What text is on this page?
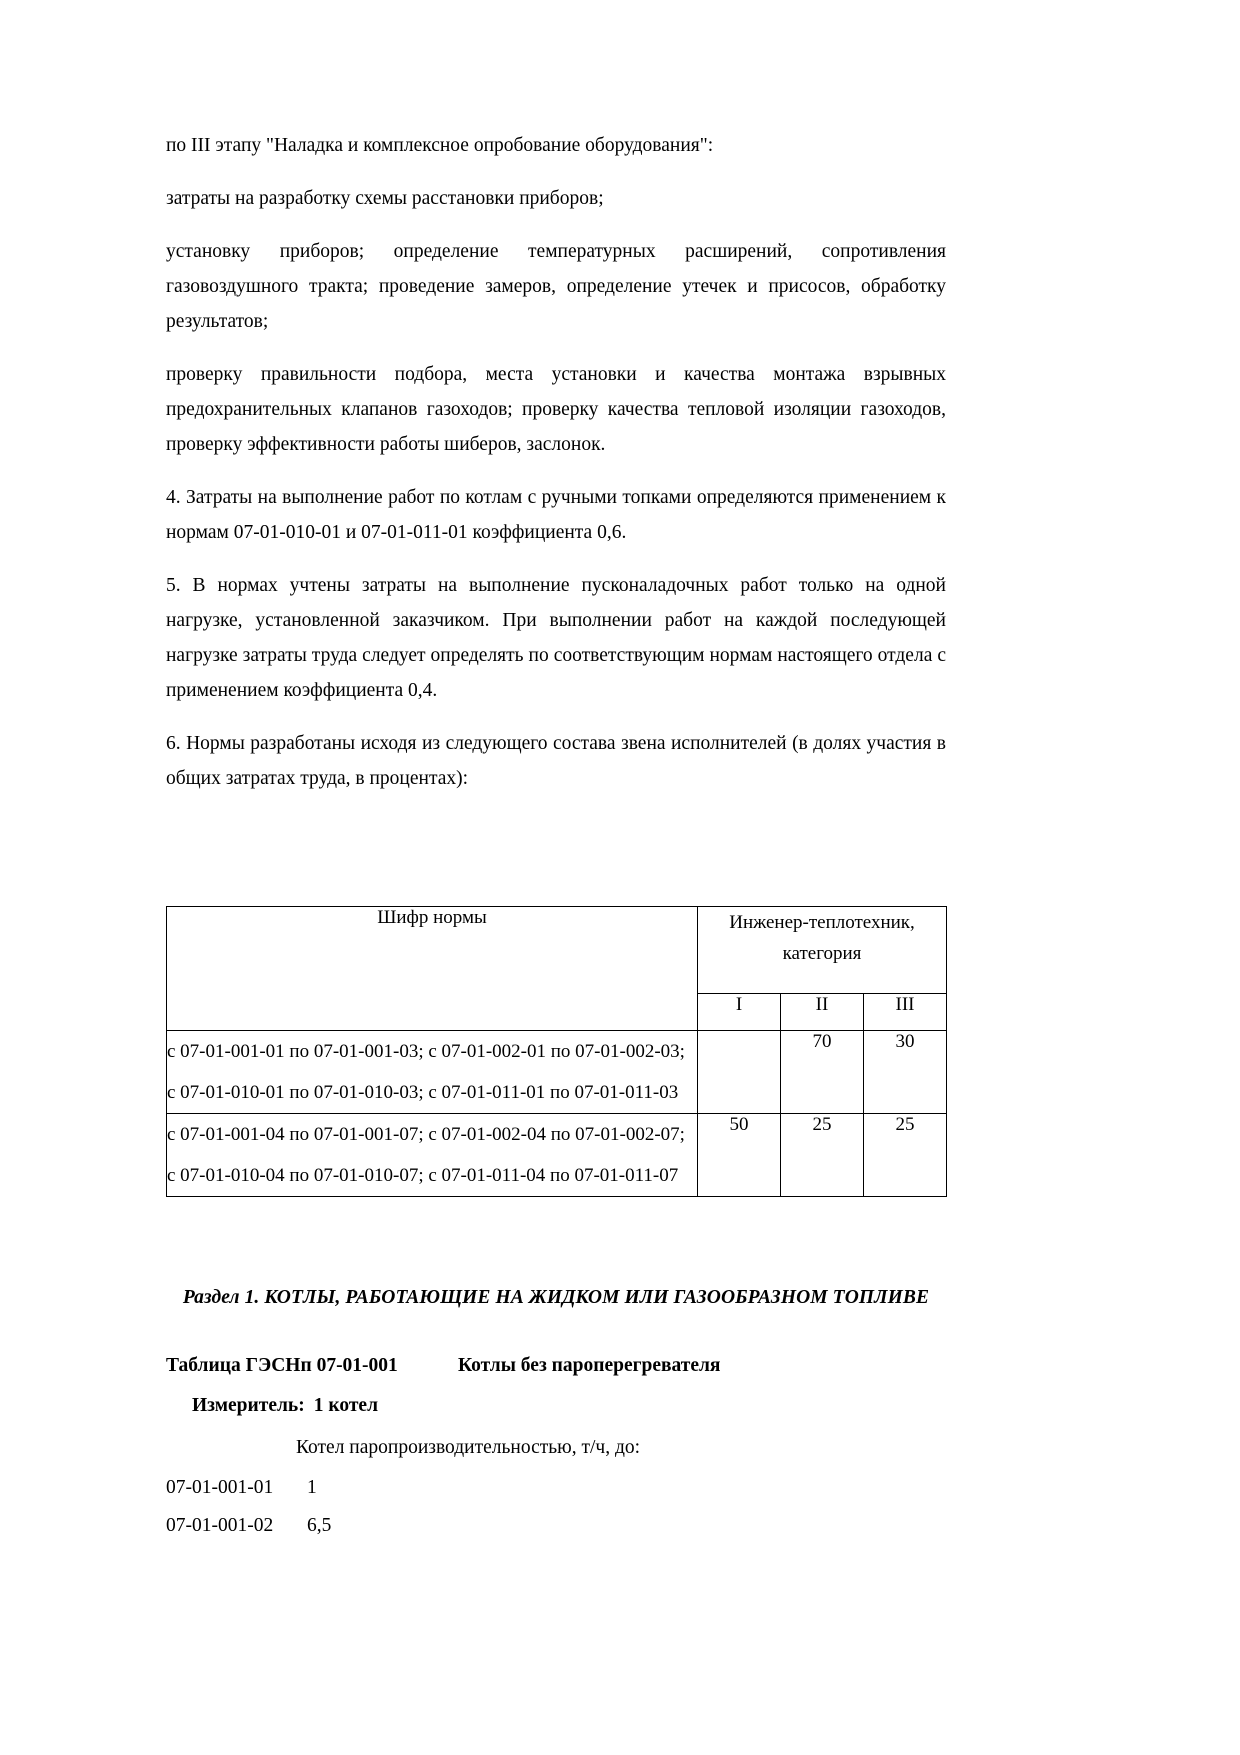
по III этапу "Наладка и комплексное опробование оборудования":

затраты на разработку схемы расстановки приборов;

установку приборов; определение температурных расширений, сопротивления газовоздушного тракта; проведение замеров, определение утечек и присосов, обработку результатов;

проверку правильности подбора, места установки и качества монтажа взрывных предохранительных клапанов газоходов; проверку качества тепловой изоляции газоходов, проверку эффективности работы шиберов, заслонок.

4. Затраты на выполнение работ по котлам с ручными топками определяются применением к нормам 07-01-010-01 и 07-01-011-01 коэффициента 0,6.

5. В нормах учтены затраты на выполнение пусконаладочных работ только на одной нагрузке, установленной заказчиком. При выполнении работ на каждой последующей нагрузке затраты труда следует определять по соответствующим нормам настоящего отдела с применением коэффициента 0,4.

6. Нормы разработаны исходя из следующего состава звена исполнителей (в долях участия в общих затратах труда, в процентах):

Шифр нормы	Инженер-теплотехник,
категория		
	I	II	III
с 07-01-001-01 по 07-01-001-03; с 07-01-002-01 по 07-01-002-03;
с 07-01-010-01 по 07-01-010-03; с 07-01-011-01 по 07-01-011-03		70	30
с 07-01-001-04 по 07-01-001-07; с 07-01-002-04 по 07-01-002-07;
с 07-01-010-04 по 07-01-010-07; с 07-01-011-04 по 07-01-011-07	50	25	25

Раздел 1. КОТЛЫ, РАБОТАЮЩИЕ НА ЖИДКОМ ИЛИ ГАЗООБРАЗНОМ ТОПЛИВЕ

Таблица ГЭСНп 07-01-001	Котлы без пароперегревателя

Измеритель: 1 котел

Котел паропроизводительностью, т/ч, до:

07-01-001-01	1
07-01-001-02	6,5
